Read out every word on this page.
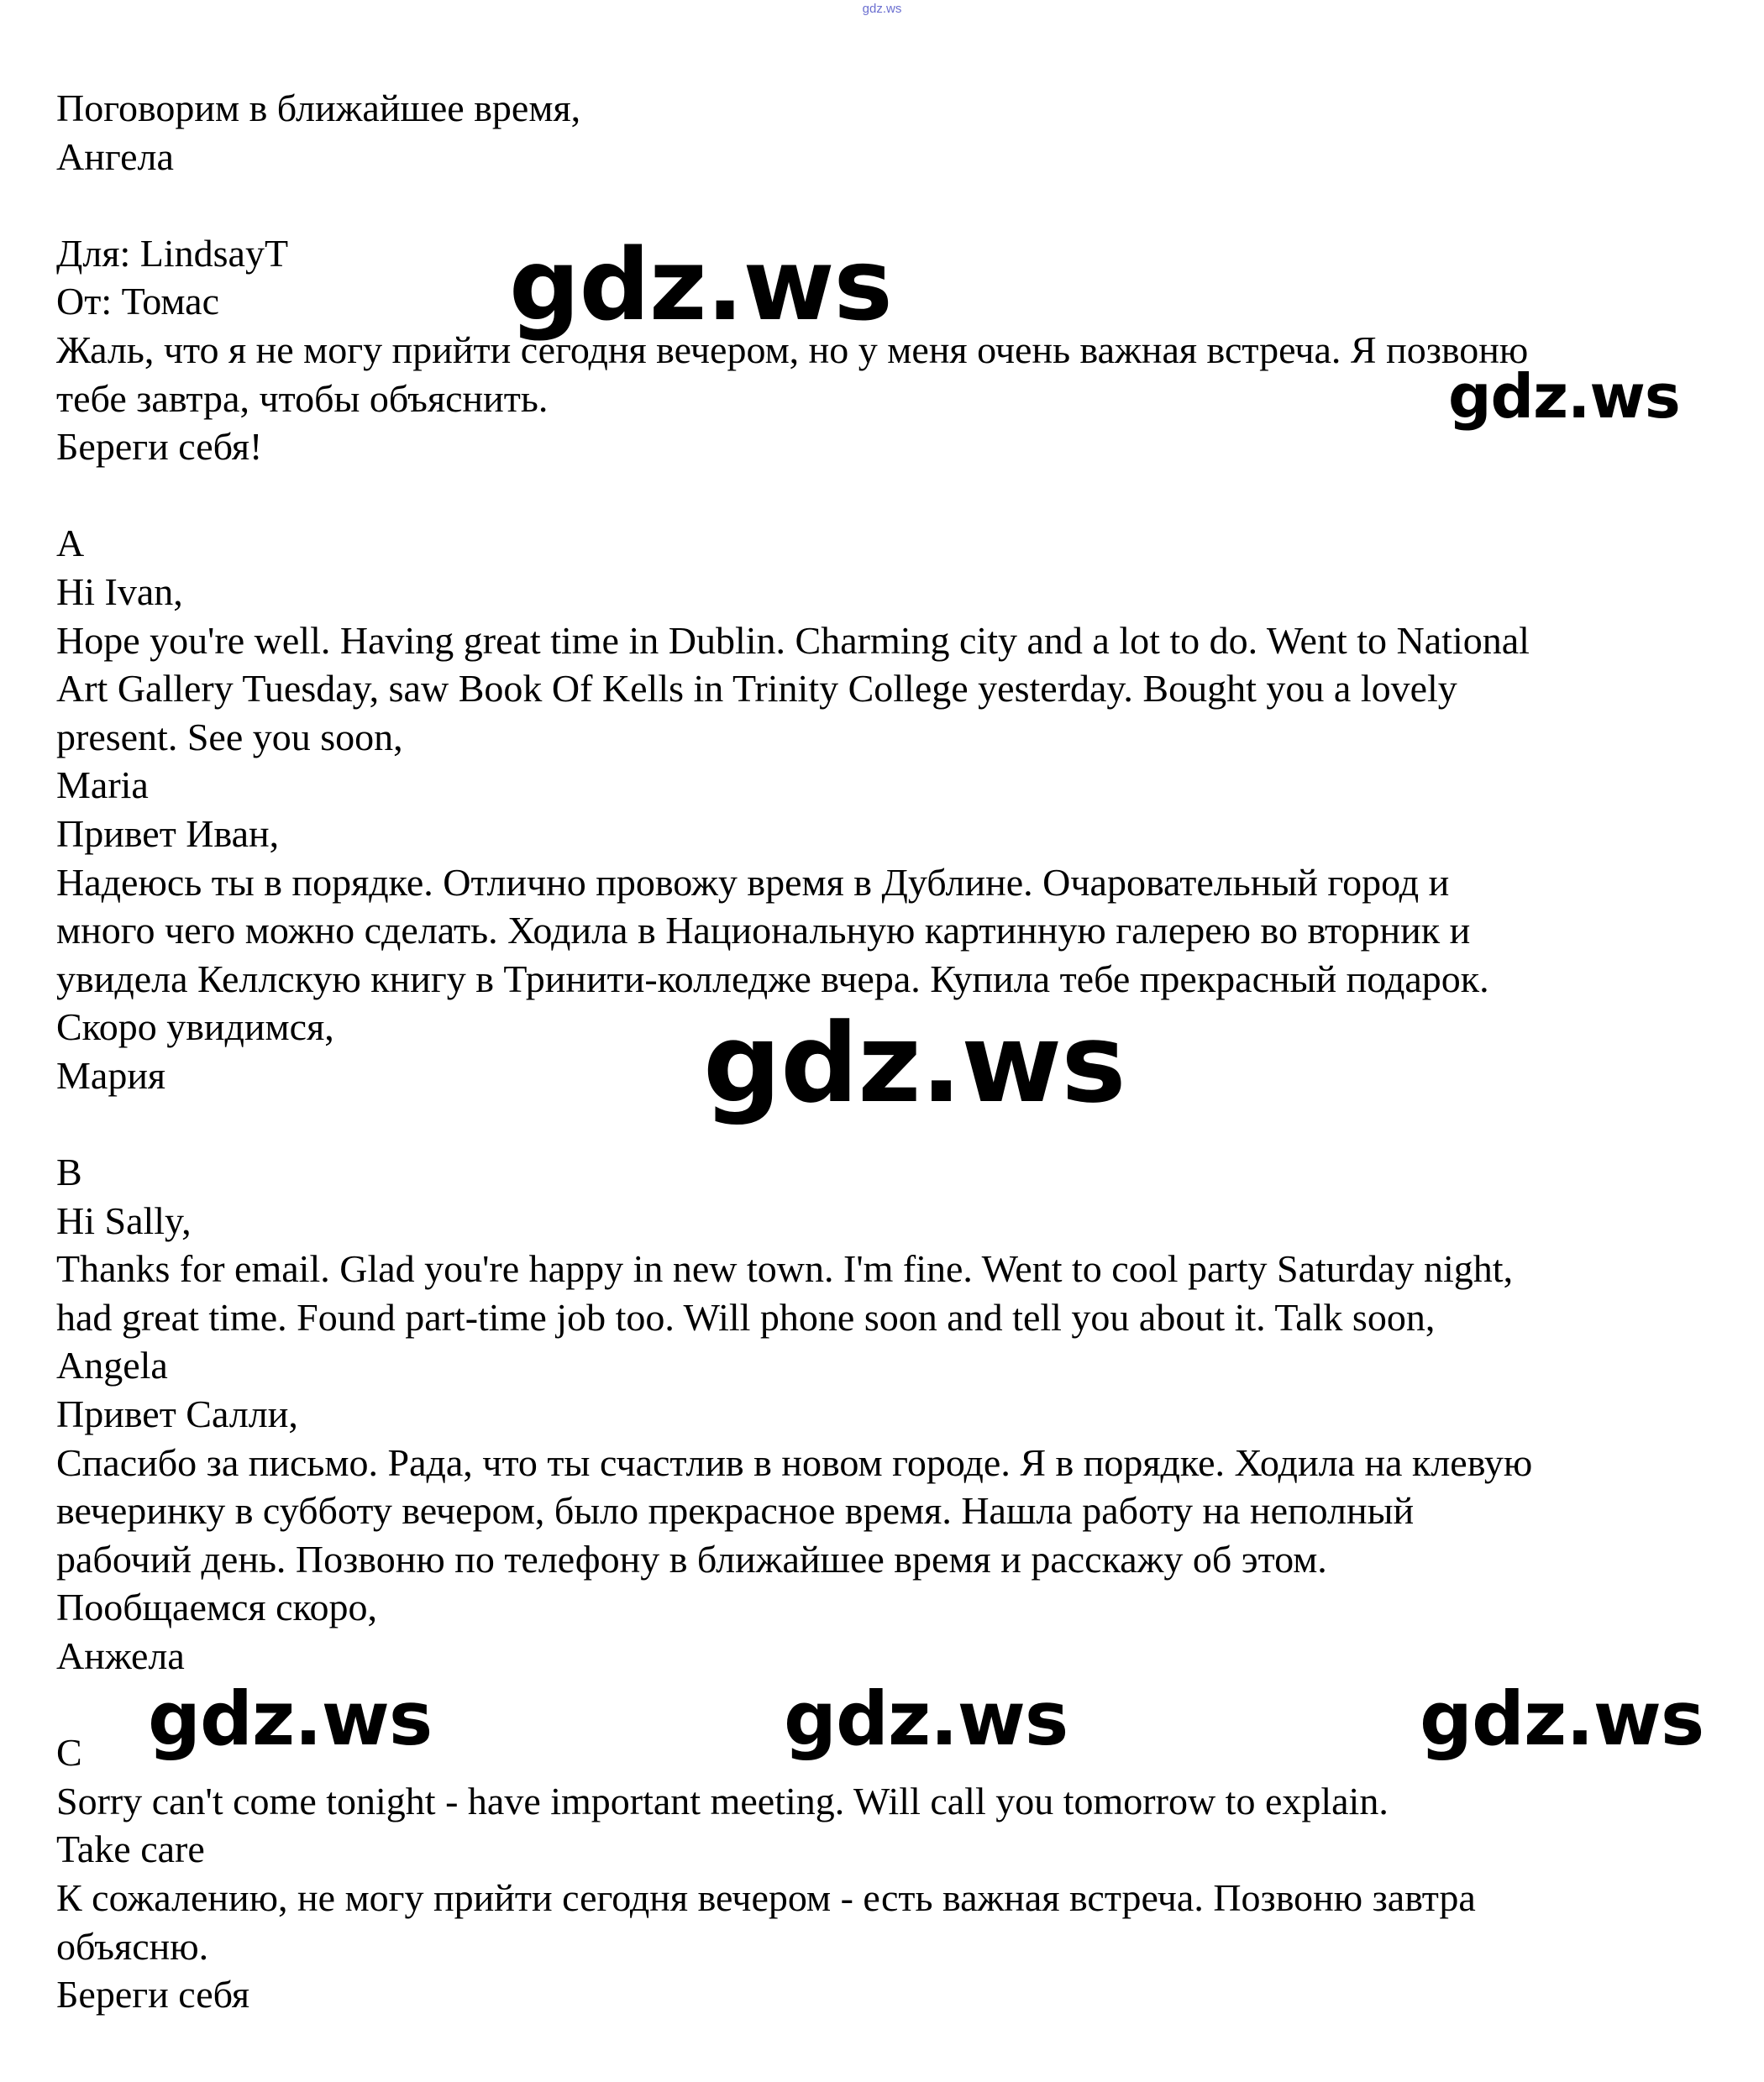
gdz.ws

Поговорим в ближайшее время,

Ангела

Для: LindsayT

От: Томас

Жаль, что я не могу прийти сегодня вечером, но у меня очень важная встреча. Я позвоню

тебе завтра, чтобы объяснить.

Береги себя!

A

Hi Ivan,

Hope you're well. Having great time in Dublin. Charming city and a lot to do. Went to National

Art Gallery Tuesday, saw Book Of Kells in Trinity College yesterday. Bought you a lovely

present. See you soon,

Maria

Привет Иван,

Надеюсь ты в порядке. Отлично провожу время в Дублине. Очаровательный город и

много чего можно сделать. Ходила в Национальную картинную галерею во вторник и

увидела Келлскую книгу в Тринити-колледже вчера. Купила тебе прекрасный подарок.

Скоро увидимся,

Мария

B

Hi Sally,

Thanks for email. Glad you're happy in new town. I'm fine. Went to cool party Saturday night,

had great time. Found part-time job too. Will phone soon and tell you about it. Talk soon,

Angela

Привет Салли,

Спасибо за письмо. Рада, что ты счастлив в новом городе. Я в порядке. Ходила на клевую

вечеринку в субботу вечером, было прекрасное время. Нашла работу на неполный

рабочий день. Позвоню по телефону в ближайшее время и расскажу об этом.

Пообщаемся скоро,

Анжела

C

Sorry can't come tonight - have important meeting. Will call you tomorrow to explain.

Take care

К сожалению, не могу прийти сегодня вечером - есть важная встреча. Позвоню завтра

объясню.

Береги себя

gdz.ws
gdz.ws
gdz.ws
gdz.ws	gdz.ws	gdz.ws
